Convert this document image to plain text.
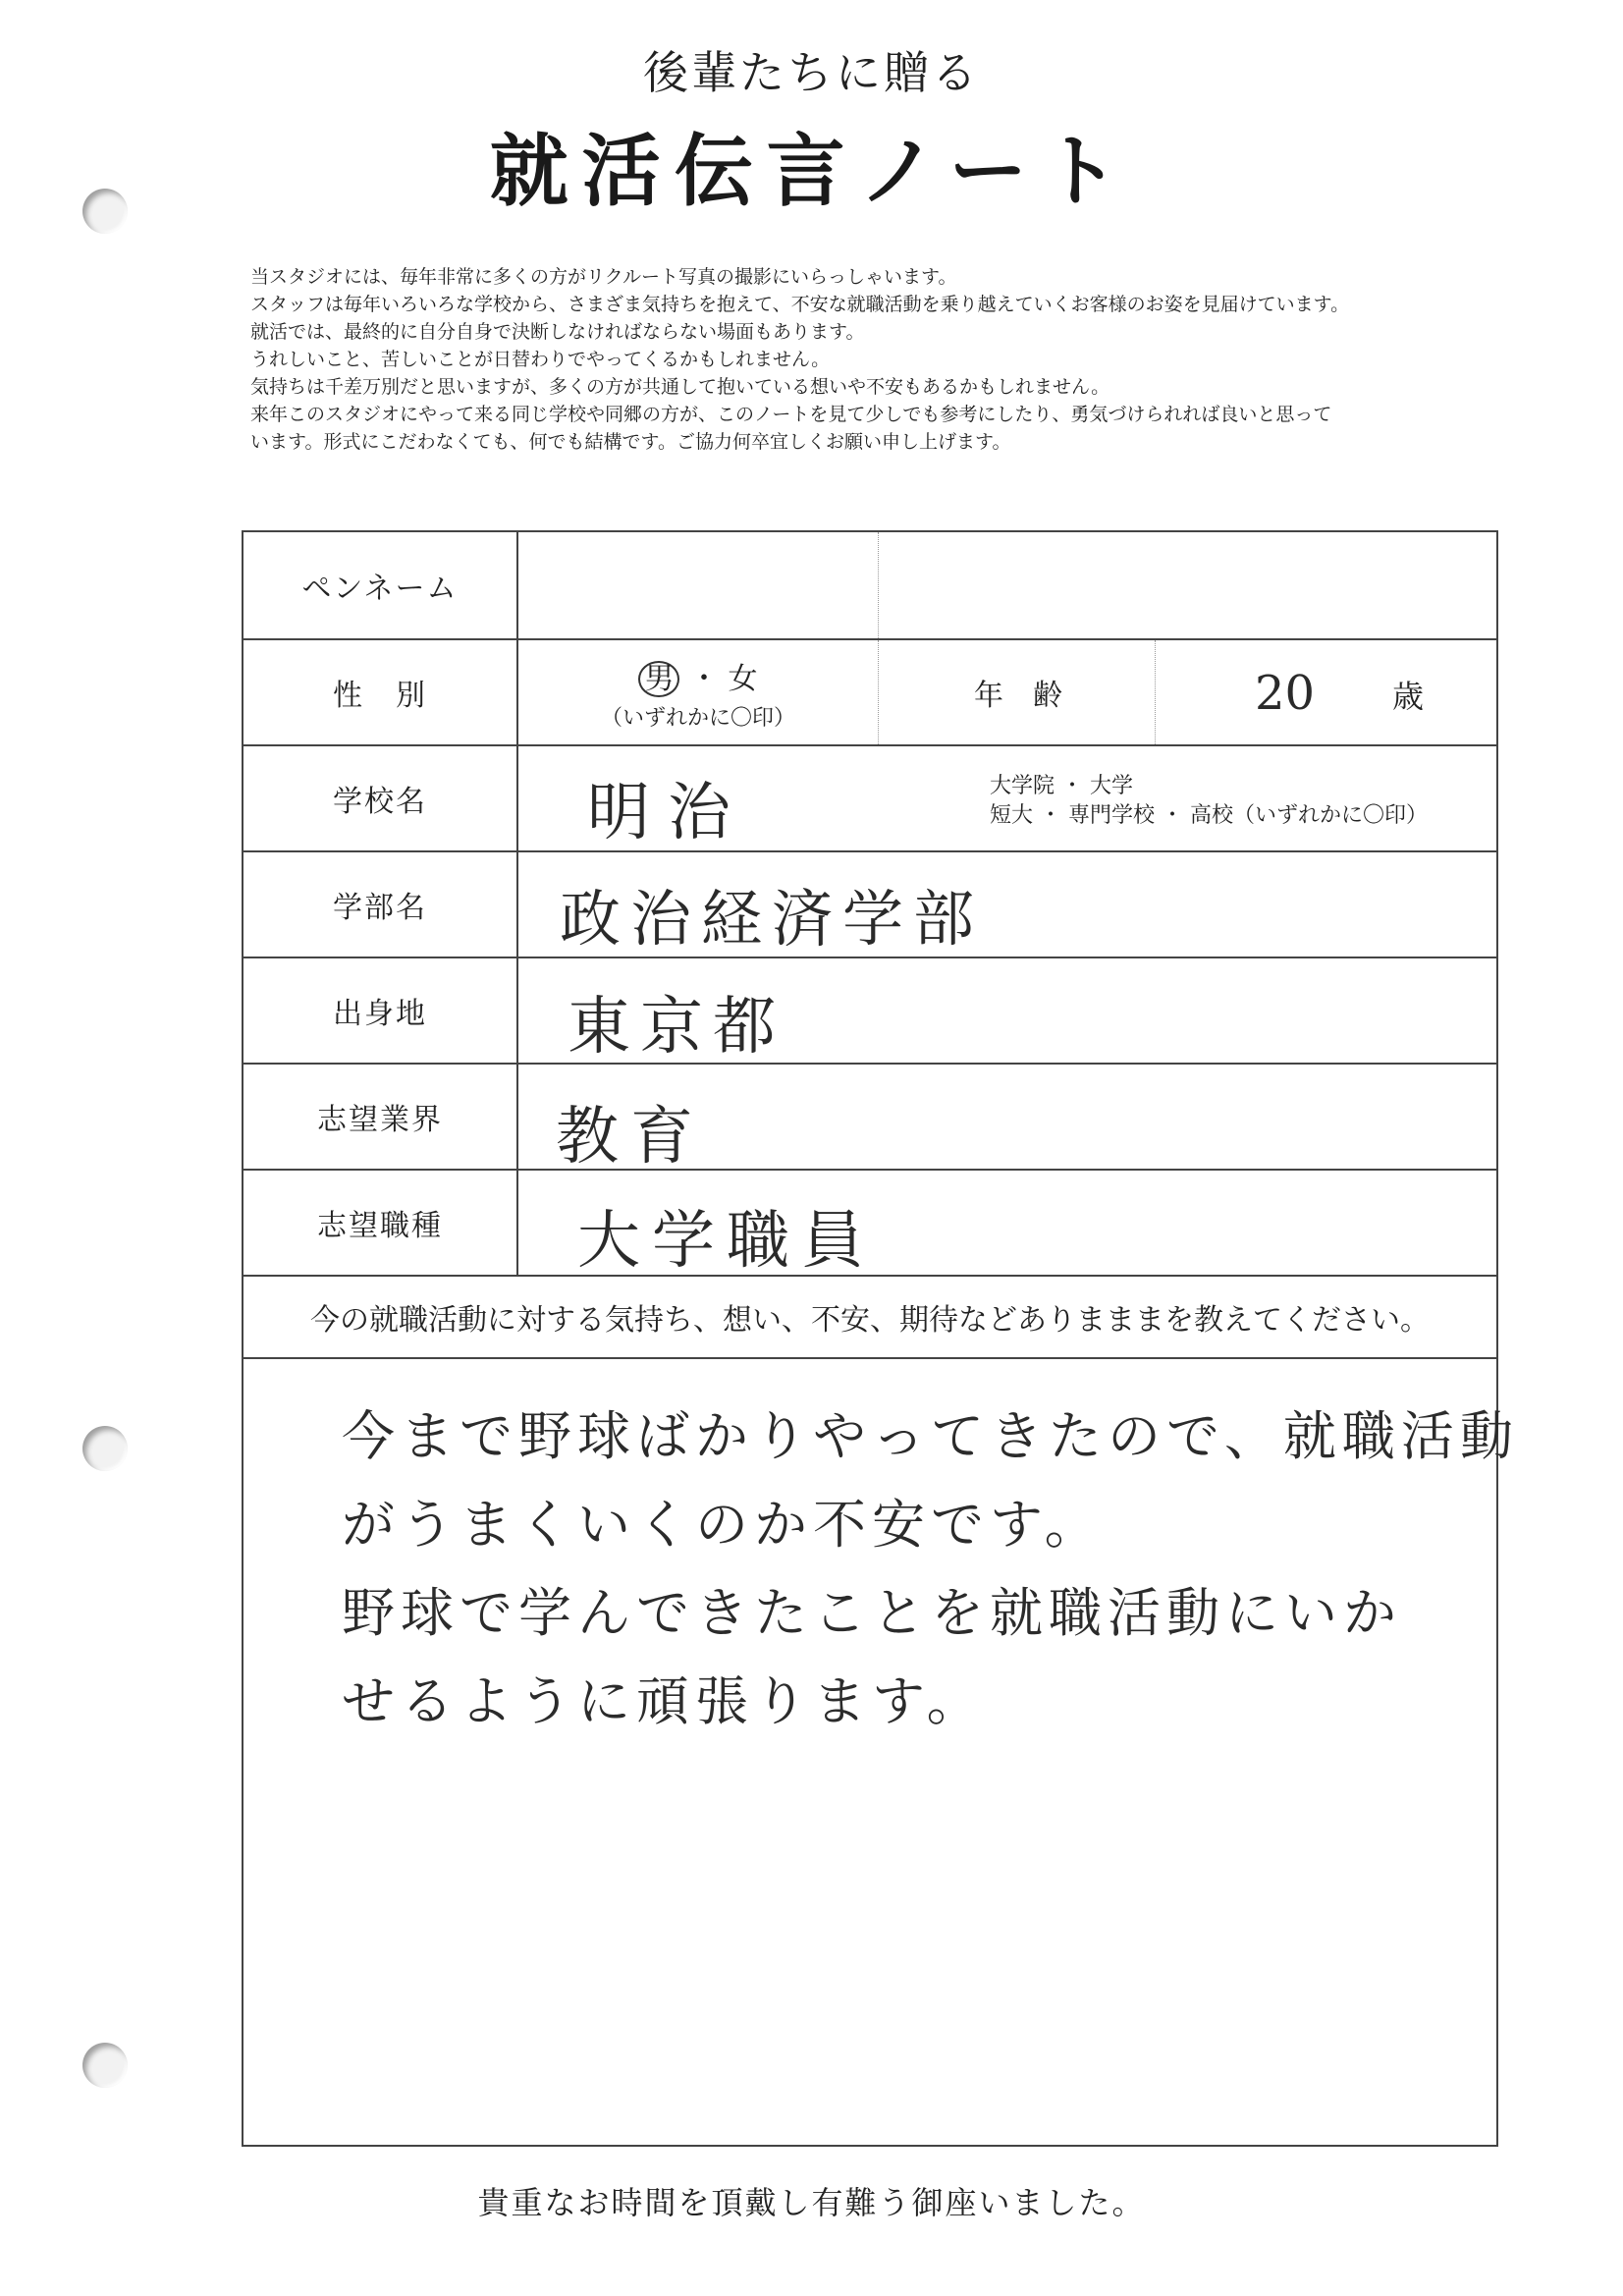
後輩たちに贈る
就活伝言ノート
当スタジオには、毎年非常に多くの方がリクルート写真の撮影にいらっしゃいます。
スタッフは毎年いろいろな学校から、さまざま気持ちを抱えて、不安な就職活動を乗り越えていくお客様のお姿を見届けています。
就活では、最終的に自分自身で決断しなければならない場面もあります。
うれしいこと、苦しいことが日替わりでやってくるかもしれません。
気持ちは千差万別だと思いますが、多くの方が共通して抱いている想いや不安もあるかもしれません。
来年このスタジオにやって来る同じ学校や同郷の方が、このノートを見て少しでも参考にしたり、勇気づけられれば良いと思って
います。形式にこだわなくても、何でも結構です。ご協力何卒宜しくお願い申し上げます。
ペンネーム
性　別	男 ・ 女
（いずれかに〇印）
年　齢	20 歳
学校名	明治	大学院 ・ 大学
短大 ・ 専門学校 ・ 高校（いずれかに〇印）
学部名	政治経済学部
出身地	東京都
志望業界	教育
志望職種	大学職員
今の就職活動に対する気持ち、想い、不安、期待などありまままを教えてください。
今まで野球ばかりやってきたので、就職活動
がうまくいくのか不安です。
野球で学んできたことを就職活動にいか
せるように頑張ります。
貴重なお時間を頂戴し有難う御座いました。
